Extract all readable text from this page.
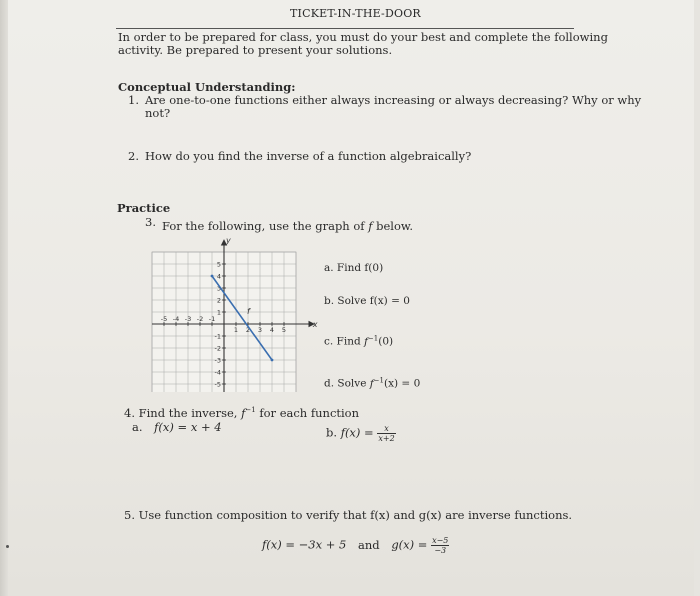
TICKET-IN-THE-DOOR
In order to be prepared for class, you must do your best and complete the following
activity. Be prepared to present your solutions.
Conceptual Understanding:
1. Are one-to-one functions either always increasing or always decreasing? Why or why
not?
2. How do you find the inverse of a function algebraically?
Practice
3. For the following, use the graph of f below.
x
y
-5 -4 -3 -2 -1
1 2 3 4 5
5
4
3
2
1
-1
-2
-3
-4
-5
f
a. Find f(0)
b. Solve f(x) = 0
c. Find $f^{-1}(0)$
d. Solve $f^{-1}(x) = 0$
4. Find the inverse, $f^{-1}$ for each function
a. f(x) = x + 4	b. $f(x) = \frac{x}{x+2}$
5. Use function composition to verify that f(x) and g(x) are inverse functions.
f(x) = −3x + 5 and $g(x) = \frac{x-5}{-3}$
